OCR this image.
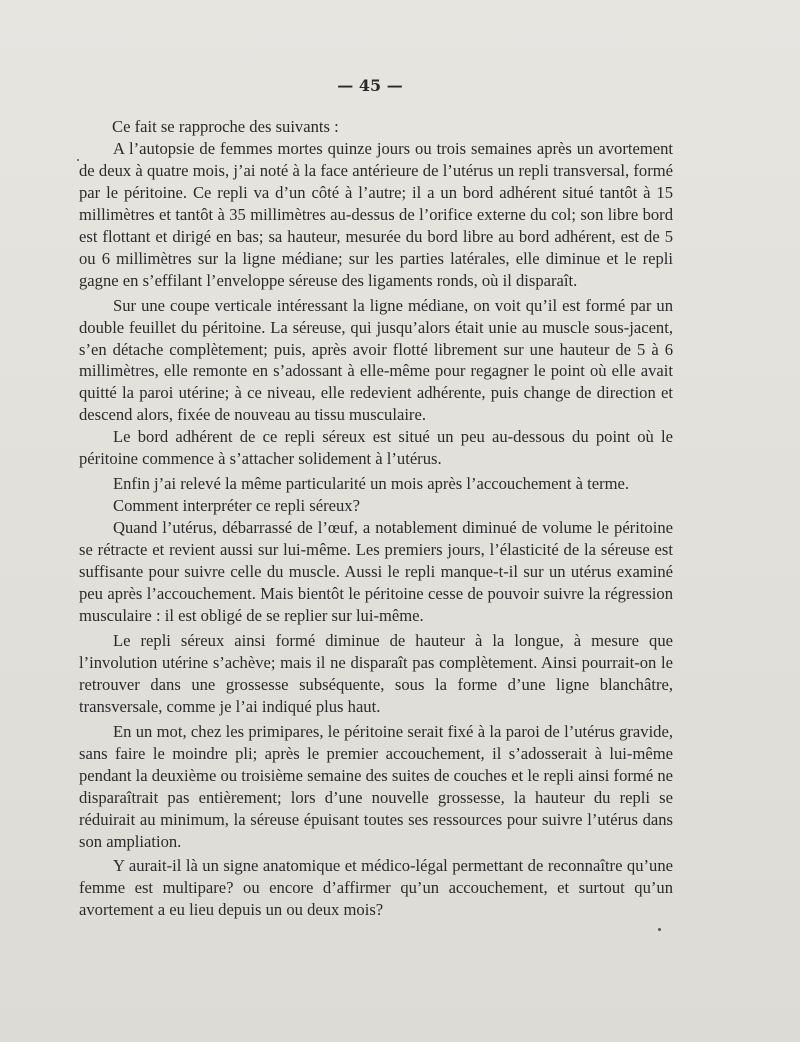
— 45 —

Ce fait se rapproche des suivants :

A l’autopsie de femmes mortes quinze jours ou trois semaines après un avortement de deux à quatre mois, j’ai noté à la face antérieure de l’utérus un repli transversal, formé par le péritoine. Ce repli va d’un côté à l’autre; il a un bord adhérent situé tantôt à 15 millimètres et tantôt à 35 millimètres au-dessus de l’orifice externe du col; son libre bord est flottant et dirigé en bas; sa hauteur, mesurée du bord libre au bord adhérent, est de 5 ou 6 millimètres sur la ligne médiane; sur les parties latérales, elle diminue et le repli gagne en s’effilant l’enveloppe séreuse des ligaments ronds, où il disparaît.

Sur une coupe verticale intéressant la ligne médiane, on voit qu’il est formé par un double feuillet du péritoine. La séreuse, qui jusqu’alors était unie au muscle sous-jacent, s’en détache complètement; puis, après avoir flotté librement sur une hauteur de 5 à 6 millimètres, elle remonte en s’adossant à elle-même pour regagner le point où elle avait quitté la paroi utérine; à ce niveau, elle redevient adhérente, puis change de direction et descend alors, fixée de nouveau au tissu musculaire.

Le bord adhérent de ce repli séreux est situé un peu au-dessous du point où le péritoine commence à s’attacher solidement à l’utérus.

Enfin j’ai relevé la même particularité un mois après l’accouchement à terme.

Comment interpréter ce repli séreux?

Quand l’utérus, débarrassé de l’œuf, a notablement diminué de volume le péritoine se rétracte et revient aussi sur lui-même. Les premiers jours, l’élasticité de la séreuse est suffisante pour suivre celle du muscle. Aussi le repli manque-t-il sur un utérus examiné peu après l’accouchement. Mais bientôt le péritoine cesse de pouvoir suivre la régression musculaire : il est obligé de se replier sur lui-même.

Le repli séreux ainsi formé diminue de hauteur à la longue, à mesure que l’involution utérine s’achève; mais il ne disparaît pas complètement. Ainsi pourrait-on le retrouver dans une grossesse subséquente, sous la forme d’une ligne blanchâtre, transversale, comme je l’ai indiqué plus haut.

En un mot, chez les primipares, le péritoine serait fixé à la paroi de l’utérus gravide, sans faire le moindre pli; après le premier accouchement, il s’adosserait à lui-même pendant la deuxième ou troisième semaine des suites de couches et le repli ainsi formé ne disparaîtrait pas entièrement; lors d’une nouvelle grossesse, la hauteur du repli se réduirait au minimum, la séreuse épuisant toutes ses ressources pour suivre l’utérus dans son ampliation.

Y aurait-il là un signe anatomique et médico-légal permettant de reconnaître qu’une femme est multipare? ou encore d’affirmer qu’un accouchement, et surtout qu’un avortement a eu lieu depuis un ou deux mois?
